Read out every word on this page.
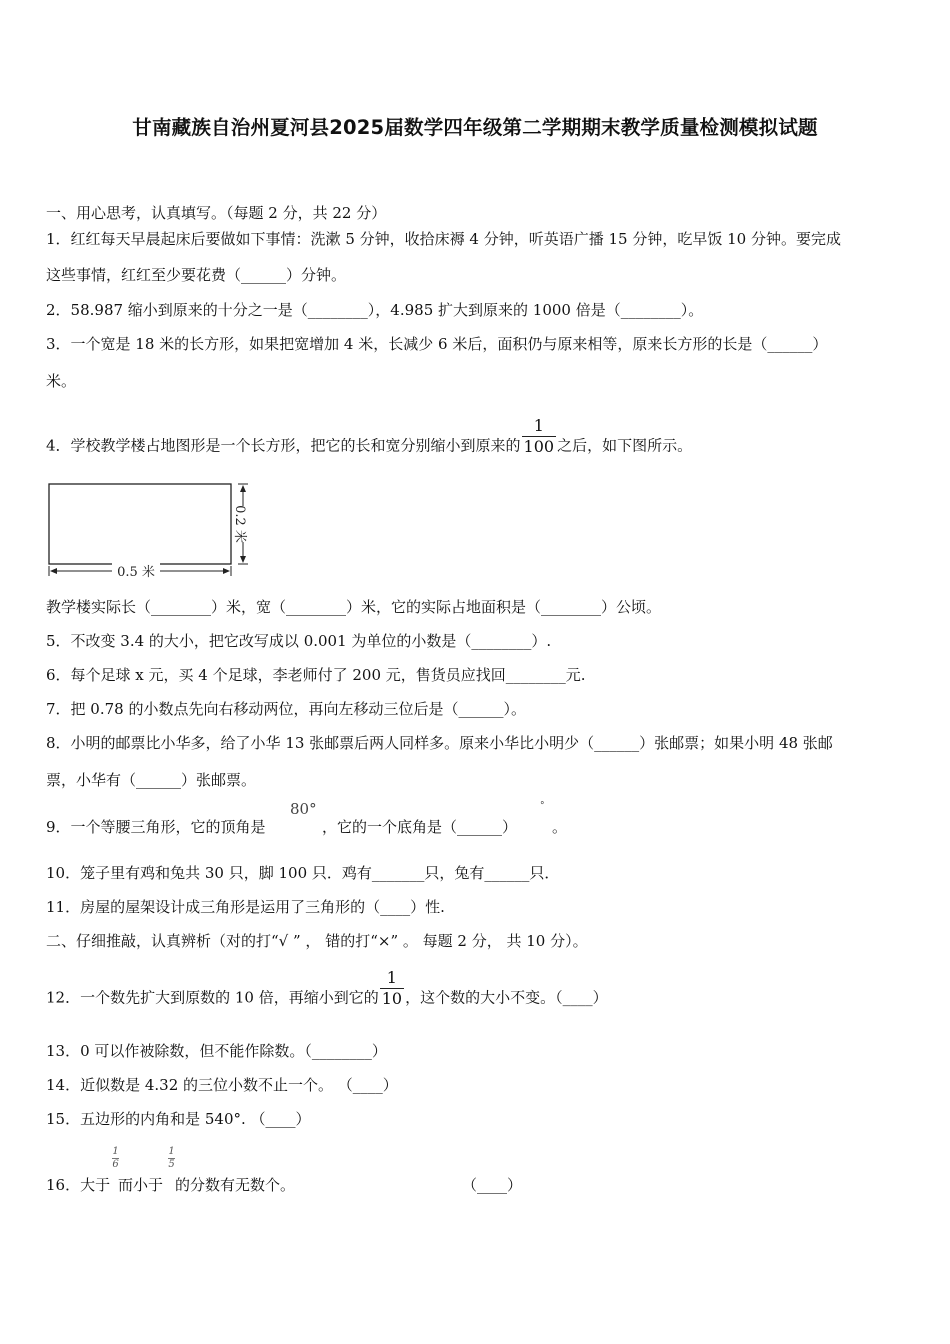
甘南藏族自治州夏河县2025届数学四年级第二学期期末教学质量检测模拟试题
一、用心思考，认真填写。（每题 2 分，共 22 分）
1．红红每天早晨起床后要做如下事情：洗漱 5 分钟，收拾床褥 4 分钟，听英语广播 15 分钟，吃早饭 10 分钟。要完成
这些事情，红红至少要花费（______）分钟。
2．58.987 缩小到原来的十分之一是（________），4.985 扩大到原来的 1000 倍是（________）。
3．一个宽是 18 米的长方形，如果把宽增加 4 米，长减少 6 米后，面积仍与原来相等，原来长方形的长是（______）
米。
4．学校教学楼占地图形是一个长方形，把它的长和宽分别缩小到原来的 $\frac{1}{100}$ 之后，如下图所示。
0.2 米
0.5 米
教学楼实际长（________）米，宽（________）米，它的实际占地面积是（________）公顷。
5．不改变 3.4 的大小，把它改写成以 0.001 为单位的小数是（________）.
6．每个足球 x 元，买 4 个足球，李老师付了 200 元，售货员应找回________元.
7．把 0.78 的小数点先向右移动两位，再向左移动三位后是（______）。
8．小明的邮票比小华多，给了小华 13 张邮票后两人同样多。原来小华比小明少（______）张邮票；如果小明 48 张邮
票，小华有（______）张邮票。
9．一个等腰三角形，它的顶角是
80°
，它的一个底角是（______）
°
。
10．笼子里有鸡和兔共 30 只，脚 100 只．鸡有_______只，兔有______只．
11．房屋的屋架设计成三角形是运用了三角形的（____）性.
二、仔细推敲，认真辨析（对的打“√ ” ， 错的打“×” 。 每题 2 分， 共 10 分）。
12．一个数先扩大到原数的 10 倍，再缩小到它的 $\frac{1}{10}$ ，这个数的大小不变。（____）
13．0 可以作被除数，但不能作除数。（________）
14．近似数是 4.32 的三位小数不止一个。 （____）
15．五边形的内角和是 540°. （____）
16．大于
1
6
而小于
1
5
的分数有无数个。	（____）
